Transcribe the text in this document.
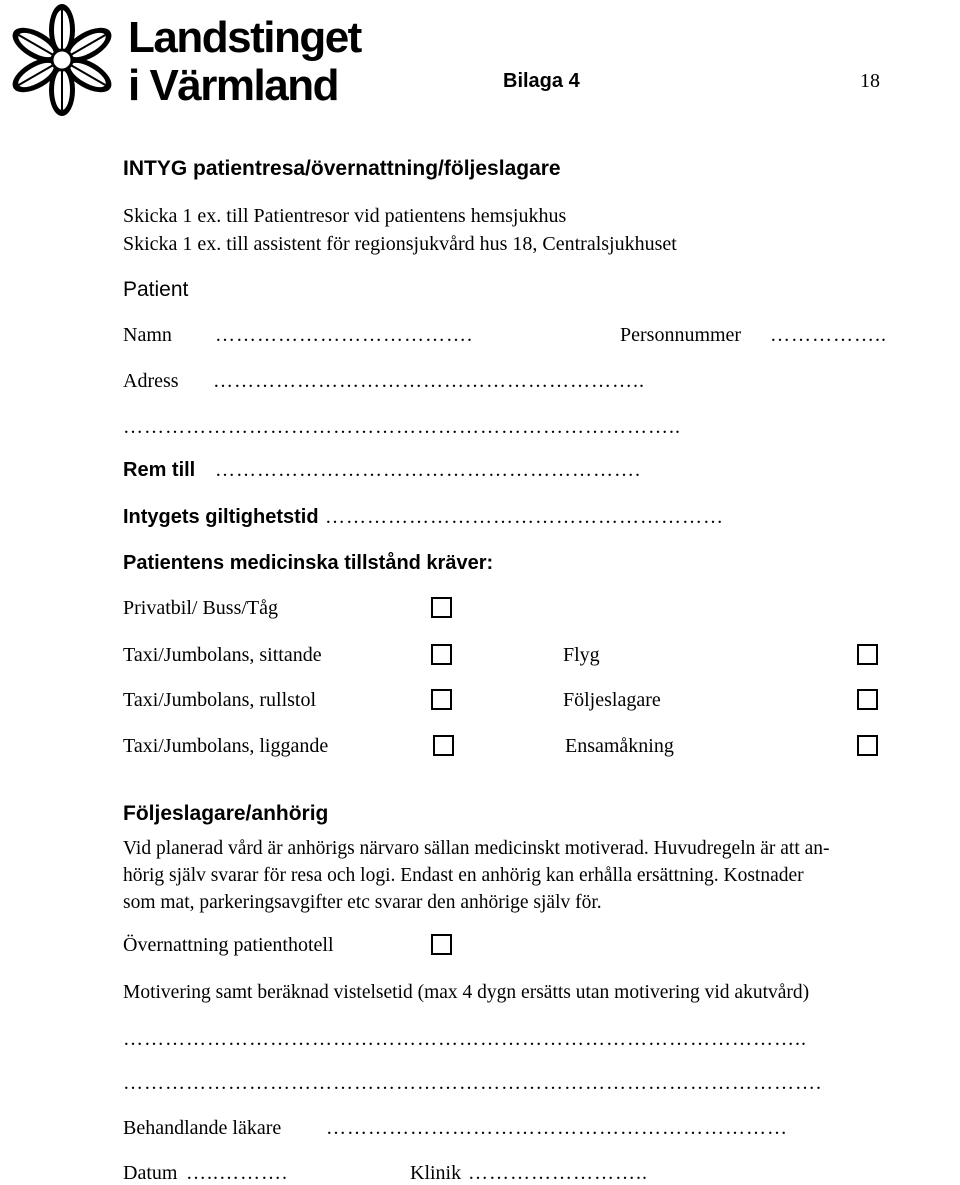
Landstinget
i Värmland	Bilaga 4	18
INTYG patientresa/övernattning/följeslagare
Skicka 1 ex. till Patientresor vid patientens hemsjukhus
Skicka 1 ex. till assistent för regionsjukvård hus 18, Centralsjukhuset
Patient
Namn ……………………………….	Personnummer ……………..
Adress ……………………………………………………..
……………………………………………………………………..
Rem till …………………………………………………….
Intygets giltighetstid …………………………………………………
Patientens medicinska tillstånd kräver:
Privatbil/ Buss/Tåg
Taxi/Jumbolans, sittande	Flyg
Taxi/Jumbolans, rullstol	Följeslagare
Taxi/Jumbolans, liggande	Ensamåkning
Följeslagare/anhörig
Vid planerad vård är anhörigs närvaro sällan medicinskt motiverad. Huvudregeln är att an-
hörig själv svarar för resa och logi. Endast en anhörig kan erhålla ersättning. Kostnader
som mat, parkeringsavgifter etc svarar den anhörige själv för.
Övernattning patienthotell
Motivering samt beräknad vistelsetid (max 4 dygn ersätts utan motivering vid akutvård)
……………………………………………………………………………………..
……………………………………………………………………………………….
Behandlande läkare …………………………………………………………
Datum …..……….	Klinik ……………………..
